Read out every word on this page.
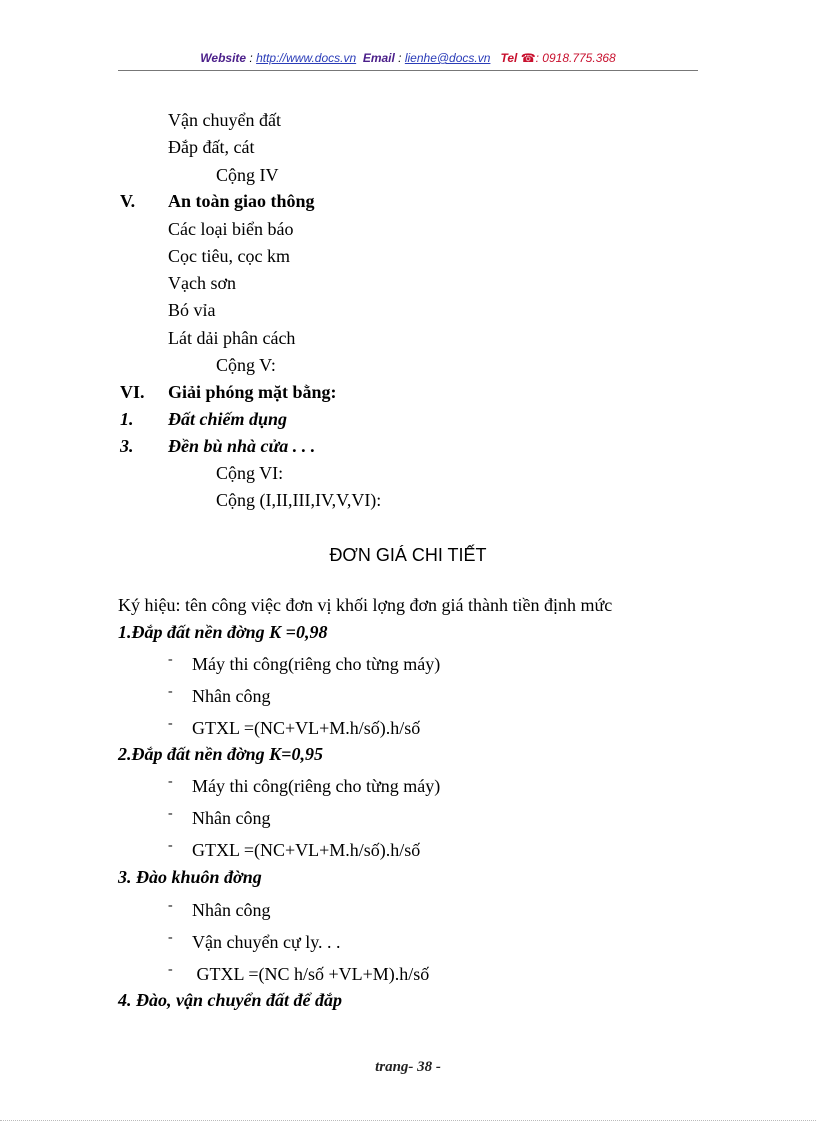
Website : http://www.docs.vn Email : lienhe@docs.vn Tel ☎: 0918.775.368
Vận chuyển đất
Đắp đất, cát
Cộng IV
V. An toàn giao thông
Các loại biển báo
Cọc tiêu, cọc km
Vạch sơn
Bó vỉa
Lát dải phân cách
Cộng V:
VI. Giải phóng mặt bằng:
1. Đất chiếm dụng
3. Đền bù nhà cửa . . .
Cộng VI:
Cộng (I,II,III,IV,V,VI):
ĐƠN GIÁ CHI TIẾT
Ký hiệu: tên công việc đơn vị khối lợng đơn giá thành tiền định mức
1.Đắp đất nền đờng K =0,98
- Máy thi công(riêng cho từng máy)
- Nhân công
- GTXL =(NC+VL+M.h/số).h/số
2.Đắp đất nền đờng K=0,95
- Máy thi công(riêng cho từng máy)
- Nhân công
- GTXL =(NC+VL+M.h/số).h/số
3. Đào khuôn đờng
- Nhân công
- Vận chuyển cự ly. . .
- GTXL =(NC h/số +VL+M).h/số
4. Đào, vận chuyển đất để đắp
trang- 38 -
